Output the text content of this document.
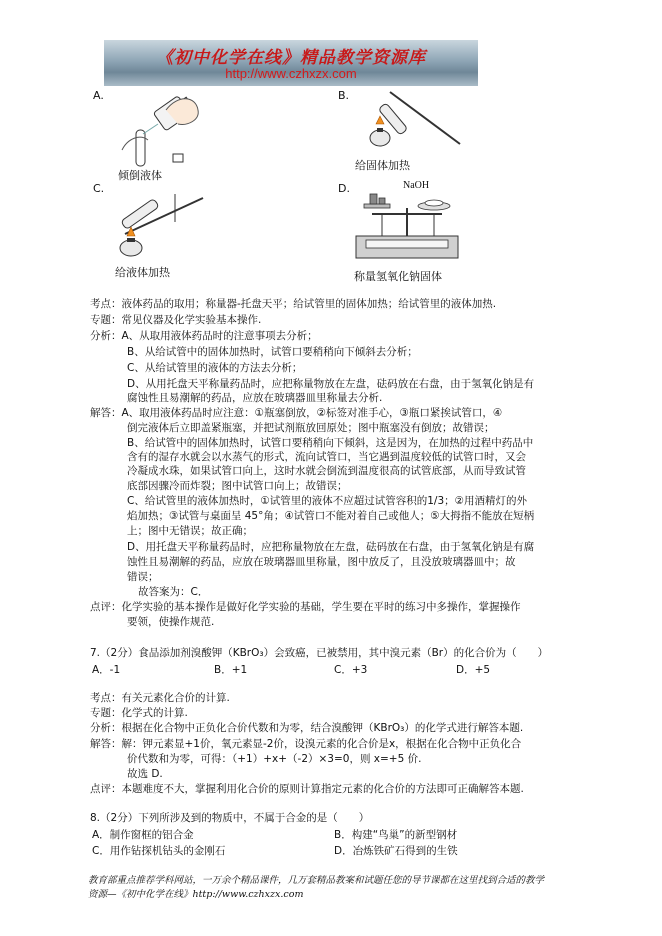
《初中化学在线》精品教学资源库
http://www.czhxzx.com
A.	B.
C.	D.
倾倒液体
给固体加热
给液体加热
NaOH
称量氢氧化钠固体
考点：液体药品的取用；称量器-托盘天平；给试管里的固体加热；给试管里的液体加热.
专题：常见仪器及化学实验基本操作.
分析：A、从取用液体药品时的注意事项去分析；
B、从给试管中的固体加热时，试管口要稍稍向下倾斜去分析；
C、从给试管里的液体的方法去分析；
D、从用托盘天平称量药品时，应把称量物放在左盘，砝码放在右盘，由于氢氧化钠是有
腐蚀性且易潮解的药品，应放在玻璃器皿里称量去分析.
解答：A、取用液体药品时应注意：①瓶塞倒放，②标签对准手心，③瓶口紧挨试管口，④
倒完液体后立即盖紧瓶塞，并把试剂瓶放回原处；图中瓶塞没有倒放；故错误；
B、给试管中的固体加热时，试管口要稍稍向下倾斜，这是因为，在加热的过程中药品中
含有的湿存水就会以水蒸气的形式，流向试管口，当它遇到温度较低的试管口时，又会
冷凝成水珠，如果试管口向上，这时水就会倒流到温度很高的试管底部，从而导致试管
底部因骤冷而炸裂；图中试管口向上；故错误；
C、给试管里的液体加热时，①试管里的液体不应超过试管容积的1/3；②用酒精灯的外
焰加热；③试管与桌面呈 45°角；④试管口不能对着自己或他人；⑤大拇指不能放在短柄
上；图中无错误；故正确；
D、用托盘天平称量药品时，应把称量物放在左盘，砝码放在右盘，由于氢氧化钠是有腐
蚀性且易潮解的药品，应放在玻璃器皿里称量，图中放反了，且没放玻璃器皿中；故
错误；
故答案为：C．
点评：化学实验的基本操作是做好化学实验的基础，学生要在平时的练习中多操作，掌握操作
要领，使操作规范.
7.（2分）食品添加剂溴酸钾（KBrO₃）会致癌，已被禁用，其中溴元素（Br）的化合价为（　　）
A．-1	B．+1	C．+3	D．+5
考点：有关元素化合价的计算.
专题：化学式的计算.
分析：根据在化合物中正负化合价代数和为零，结合溴酸钾（KBrO₃）的化学式进行解答本题.
解答：解：钾元素显+1价，氧元素显-2价，设溴元素的化合价是x，根据在化合物中正负化合
价代数和为零，可得：（+1）+x+（-2）×3=0，则 x=+5 价.
故选 D.
点评：本题难度不大，掌握利用化合价的原则计算指定元素的化合价的方法即可正确解答本题.
8.（2分）下列所涉及到的物质中，不属于合金的是（　　）
A．制作窗框的铝合金	B．构建“鸟巢”的新型钢材
C．用作钻探机钻头的金刚石	D．冶炼铁矿石得到的生铁
教育部重点推荐学科网站，一万余个精品课件，几万套精品教案和试题任您的导节课都在这里找到合适的教学
资源—《初中化学在线》http://www.czhxzx.com
